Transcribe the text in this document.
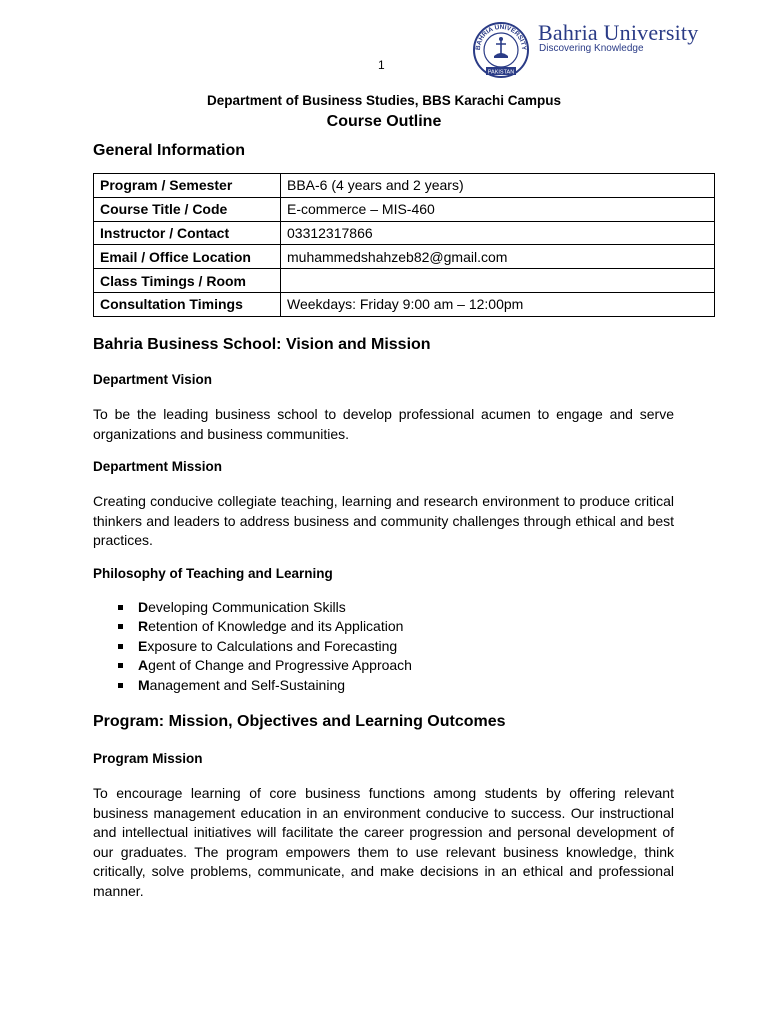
BAHRIA UNIVERSITY
PAKISTAN
Bahria University
Discovering Knowledge
1
Department of Business Studies, BBS Karachi Campus
Course Outline
General Information
Program / Semester	BBA-6 (4 years and 2 years)
Course Title / Code	E-commerce – MIS-460
Instructor / Contact	03312317866
Email / Office Location	muhammedshahzeb82@gmail.com
Class Timings / Room	
Consultation Timings	Weekdays: Friday 9:00 am – 12:00pm
Bahria Business School: Vision and Mission
Department Vision

To be the leading business school to develop professional acumen to engage and serve organizations and business communities.

Department Mission

Creating conducive collegiate teaching, learning and research environment to produce critical thinkers and leaders to address business and community challenges through ethical and best practices.

Philosophy of Teaching and Learning
Developing Communication Skills
Retention of Knowledge and its Application
Exposure to Calculations and Forecasting
Agent of Change and Progressive Approach
Management and Self-Sustaining
Program: Mission, Objectives and Learning Outcomes
Program Mission

To encourage learning of core business functions among students by offering relevant business management education in an environment conducive to success. Our instructional and intellectual initiatives will facilitate the career progression and personal development of our graduates. The program empowers them to use relevant business knowledge, think critically, solve problems, communicate, and make decisions in an ethical and professional manner.
